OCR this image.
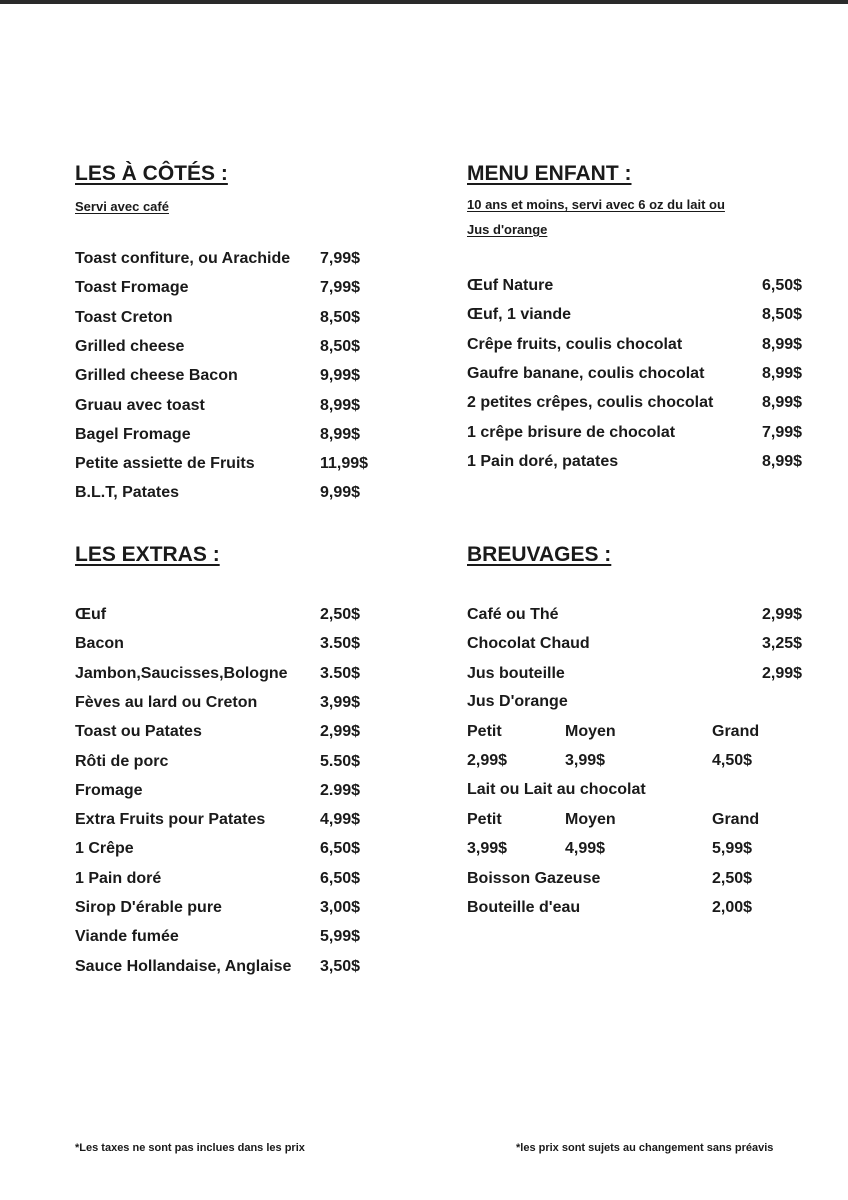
LES À CÔTÉS :
Servi avec café
Toast confiture, ou Arachide 7,99$
Toast Fromage	7,99$
Toast Creton	8,50$
Grilled cheese	8,50$
Grilled cheese Bacon	9,99$
Gruau avec toast	8,99$
Bagel Fromage	8,99$
Petite assiette de Fruits	11,99$
B.L.T, Patates	9,99$
MENU ENFANT :
10 ans et moins, servi avec 6 oz du lait ou
Jus d'orange
Œuf Nature	6,50$
Œuf, 1 viande	8,50$
Crêpe fruits, coulis chocolat	8,99$
Gaufre banane, coulis chocolat	8,99$
2 petites crêpes, coulis chocolat	8,99$
1 crêpe brisure de chocolat	7,99$
1 Pain doré, patates	8,99$
LES EXTRAS :
Œuf	2,50$
Bacon	3.50$
Jambon,Saucisses,Bologne 3.50$
Fèves au lard ou Creton	3,99$
Toast ou Patates	2,99$
Rôti de porc	5.50$
Fromage	2.99$
Extra Fruits pour Patates	4,99$
1 Crêpe	6,50$
1 Pain doré	6,50$
Sirop D'érable pure	3,00$
Viande fumée	5,99$
Sauce Hollandaise, Anglaise 3,50$
BREUVAGES :
Café ou Thé	2,99$
Chocolat Chaud	3,25$
Jus bouteille	2,99$
Jus D'orange
Petit	Moyen	Grand
2,99$	3,99$	4,50$
Lait ou Lait au chocolat
Petit	Moyen	Grand
3,99$	4,99$	5,99$
Boisson Gazeuse	2,50$
Bouteille d'eau	2,00$
*Les taxes ne sont pas inclues dans les prix	*les prix sont sujets au changement sans préavis
